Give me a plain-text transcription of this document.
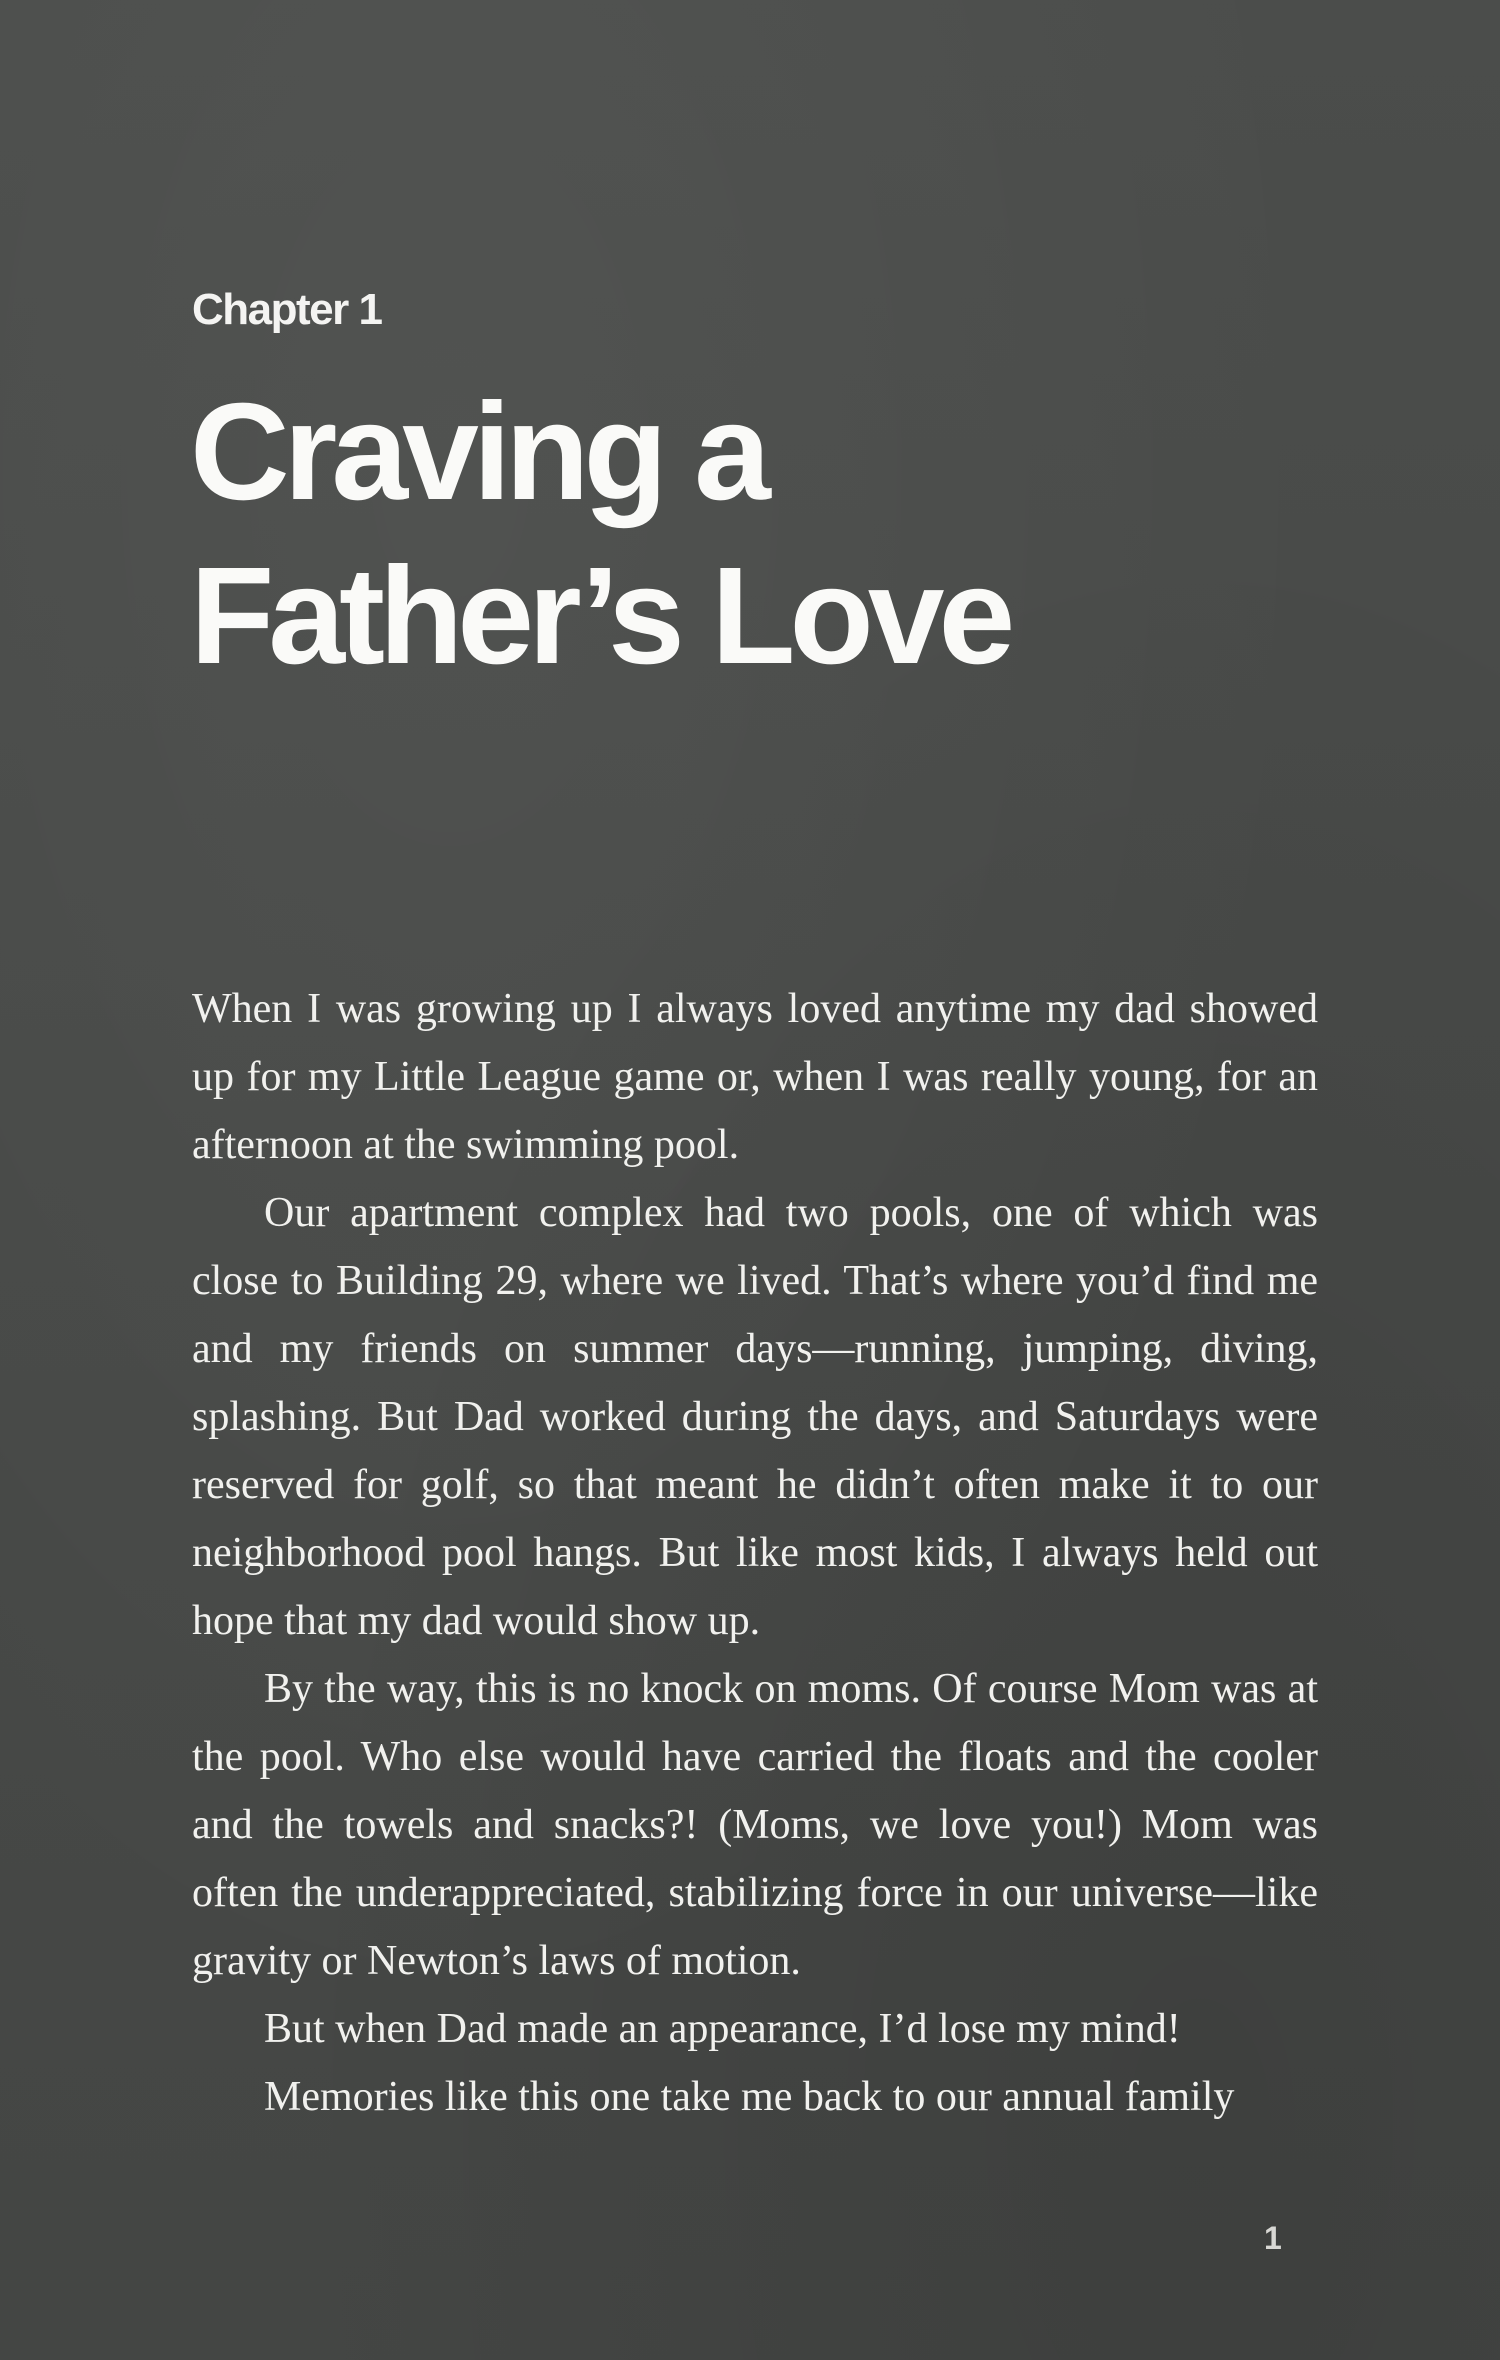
Chapter 1
Craving a
Father’s Love

When I was growing up I always loved anytime my dad showed up for my Little League game or, when I was really young, for an afternoon at the swimming pool.

Our apartment complex had two pools, one of which was close to Building 29, where we lived. That’s where you’d find me and my friends on summer days—running, jumping, diving, splashing. But Dad worked during the days, and Saturdays were reserved for golf, so that meant he didn’t often make it to our neighborhood pool hangs. But like most kids, I always held out hope that my dad would show up.

By the way, this is no knock on moms. Of course Mom was at the pool. Who else would have carried the floats and the cooler and the towels and snacks?! (Moms, we love you!) Mom was often the underappreciated, stabilizing force in our universe—like gravity or Newton’s laws of motion.

But when Dad made an appearance, I’d lose my mind!

Memories like this one take me back to our annual family

1
